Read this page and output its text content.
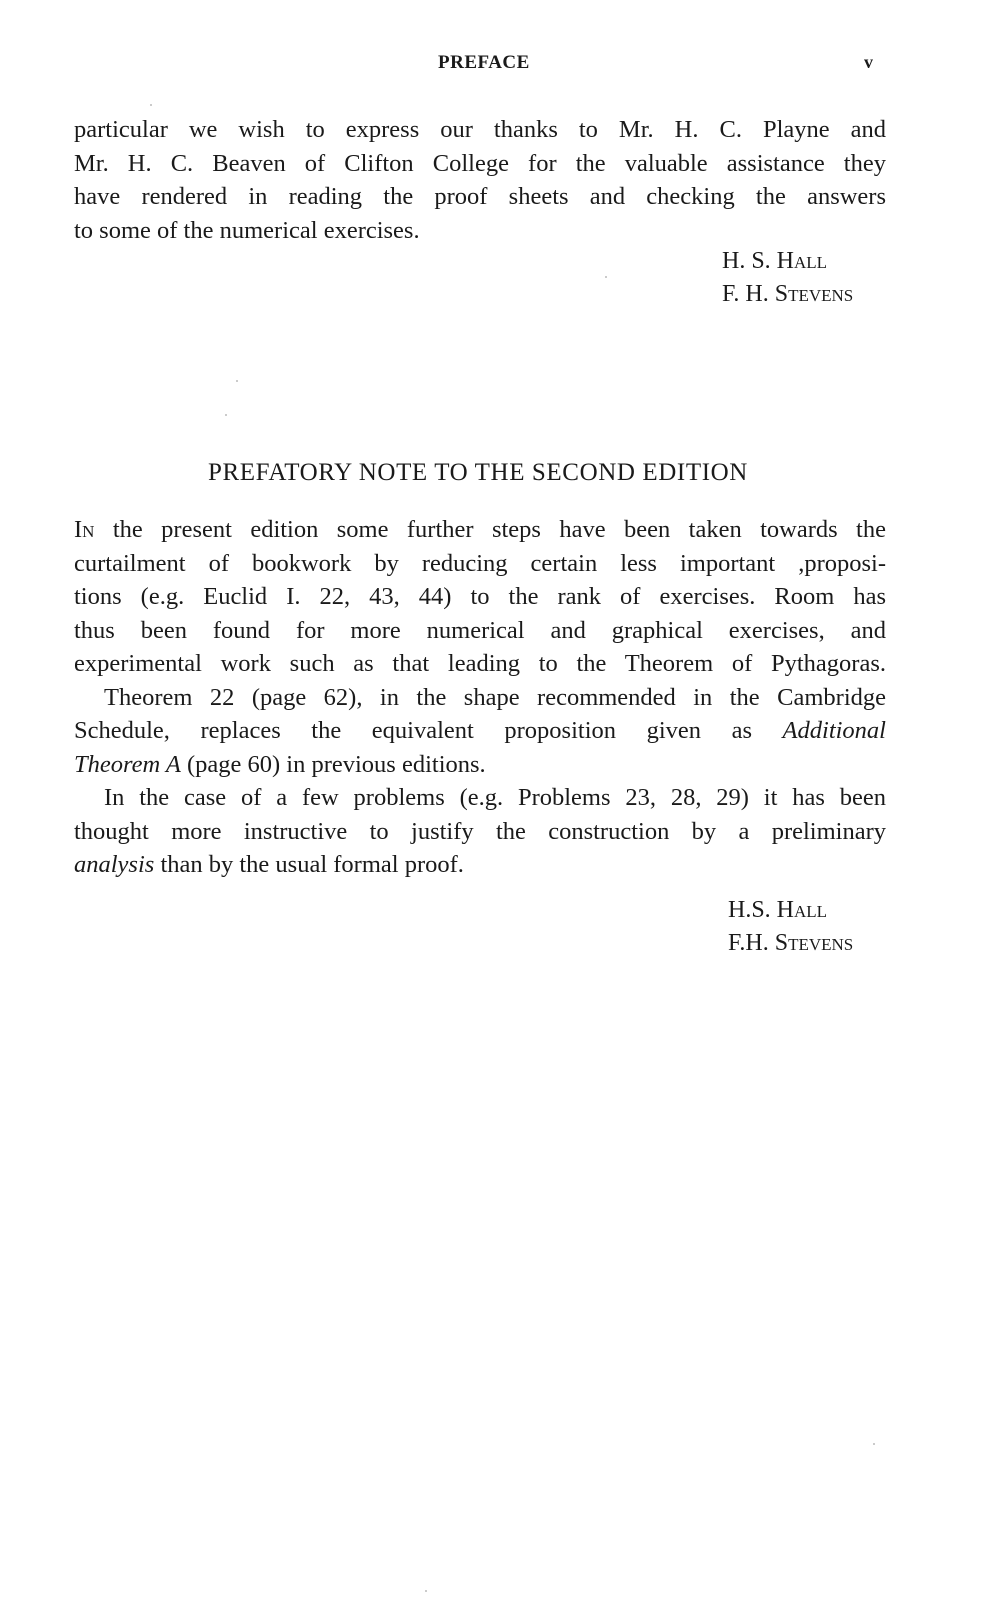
PREFACE	v
particular we wish to express our thanks to Mr. H. C. Playne and
Mr. H. C. Beaven of Clifton College for the valuable assistance they
have rendered in reading the proof sheets and checking the answers
to some of the numerical exercises.
H. S. Hall
F. H. Stevens
PREFATORY NOTE TO THE SECOND EDITION
In the present edition some further steps have been taken towards the
curtailment of bookwork by reducing certain less important ,proposi-
tions (e.g. Euclid I. 22, 43, 44) to the rank of exercises. Room has
thus been found for more numerical and graphical exercises, and
experimental work such as that leading to the Theorem of Pythagoras.
Theorem 22 (page 62), in the shape recommended in the Cambridge
Schedule, replaces the equivalent proposition given as Additional
Theorem A (page 60) in previous editions.
In the case of a few problems (e.g. Problems 23, 28, 29) it has been
thought more instructive to justify the construction by a preliminary
analysis than by the usual formal proof.
H.S. Hall
F.H. Stevens
